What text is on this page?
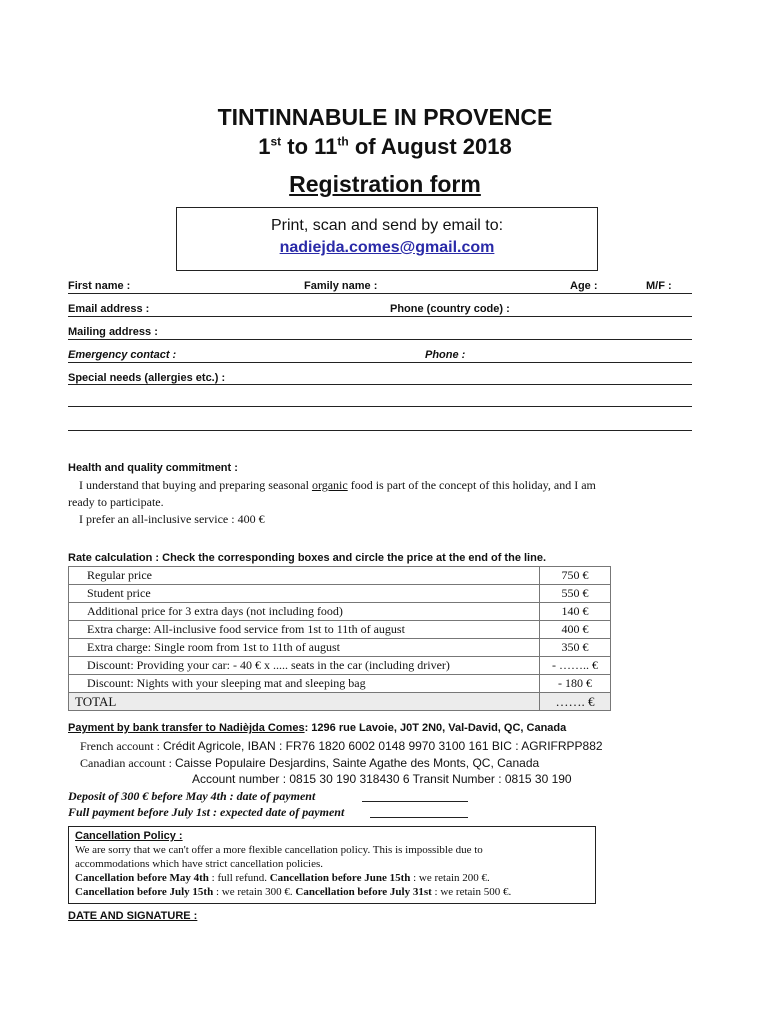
TINTINNABULE IN PROVENCE
1st to 11th of August 2018
Registration form
Print, scan and send by email to:
nadiejda.comes@gmail.com
First name :	Family name :	Age :	M/F :
Email address :	Phone (country code) :
Mailing address :
Emergency contact :	Phone :
Special needs (allergies etc.) :
Health and quality commitment :
I understand that buying and preparing seasonal organic food is part of the concept of this holiday, and I am
ready to participate.
I prefer an all-inclusive service : 400 €
Rate calculation : Check the corresponding boxes and circle the price at the end of the line.
Regular price	750 €
Student price	550 €
Additional price for 3 extra days (not including food)	140 €
Extra charge: All-inclusive food service from 1st to 11th of august	400 €
Extra charge: Single room from 1st to 11th of august	350 €
Discount: Providing your car: - 40 € x ..... seats in the car (including driver)	- …….. €
Discount: Nights with your sleeping mat and sleeping bag	- 180 €
TOTAL	……. €
Payment by bank transfer to Nadièjda Comes: 1296 rue Lavoie, J0T 2N0, Val-David, QC, Canada
French account : Crédit Agricole, IBAN : FR76 1820 6002 0148 9970 3100 161 BIC : AGRIFRPP882
Canadian account : Caisse Populaire Desjardins, Sainte Agathe des Monts, QC, Canada
Account number : 0815 30 190 318430 6 Transit Number : 0815 30 190
Deposit of 300 € before May 4th : date of payment
Full payment before July 1st : expected date of payment
Cancellation Policy :
We are sorry that we can't offer a more flexible cancellation policy. This is impossible due to
accommodations which have strict cancellation policies.
Cancellation before May 4th : full refund. Cancellation before June 15th : we retain 200 €.
Cancellation before July 15th : we retain 300 €. Cancellation before July 31st : we retain 500 €.
DATE AND SIGNATURE :
